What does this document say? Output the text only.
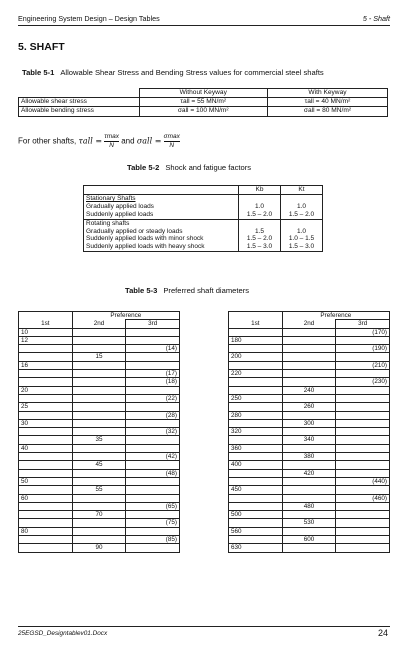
Engineering System Design – Design Tables	5 - Shaft
5. SHAFT
Table 5-1 Allowable Shear Stress and Bending Stress values for commercial steel shafts
	Without Keyway	With Keyway
Allowable shear stress	τall = 55 MN/m²	τall = 40 MN/m²
Allowable bending stress	σall = 100 MN/m²	σall = 80 MN/m²
For other shafts, $\tau all = \frac{\tau\max}{N}$ and $\sigma all = \frac{\sigma\max}{N}$
Table 5-2 Shock and fatigue factors
	Kb	Kt
Stationary Shafts		
Gradually applied loads	1.0	1.0
Suddenly applied loads	1.5 – 2.0	1.5 – 2.0
Rotating shafts		
Gradually applied or steady loads	1.5	1.0
Suddenly applied loads with minor shock	1.5 – 2.0	1.0 – 1.5
Suddenly applied loads with heavy shock	1.5 – 3.0	1.5 – 3.0
Table 5-3 Preferred shaft diameters
	Preference	
1st	2nd	3rd
10		
12		
		(14)
	15	
16		
		(17)
		(18)
20		
		(22)
25		
		(28)
30		
		(32)
	35	
40		
		(42)
	45	
		(48)
50		
	55	
60		
		(65)
	70	
		(75)
80		
		(85)
	90	
	Preference	
1st	2nd	3rd
		(170)
180		
		(190)
200		
		(210)
220		
		(230)
	240	
250		
	260	
280		
	300	
320		
	340	
360		
	380	
400		
	420	
		(440)
450		
		(460)
	480	
500		
	530	
560		
	600	
630		
25EGSD_Designtablev01.Docx	24
